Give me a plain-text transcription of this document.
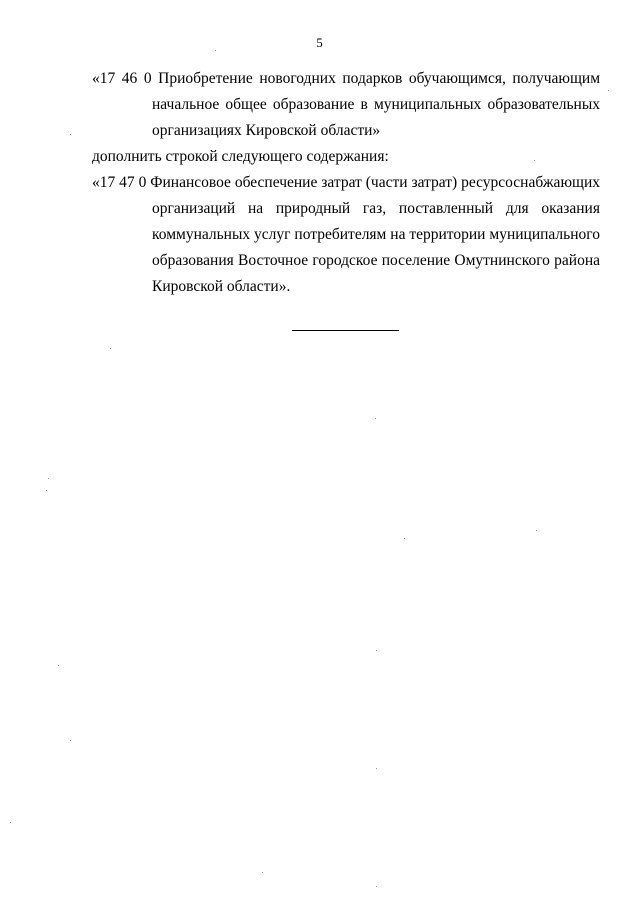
5
«17 46 0 Приобретение новогодних подарков обучающимся, получающим
начальное общее образование в муниципальных образовательных
организациях Кировской области»
дополнить строкой следующего содержания:
«17 47 0 Финансовое обеспечение затрат (части затрат) ресурсоснабжающих
организаций на природный газ, поставленный для оказания
коммунальных услуг потребителям на территории муниципального
образования Восточное городское поселение Омутнинского района
Кировской области».
